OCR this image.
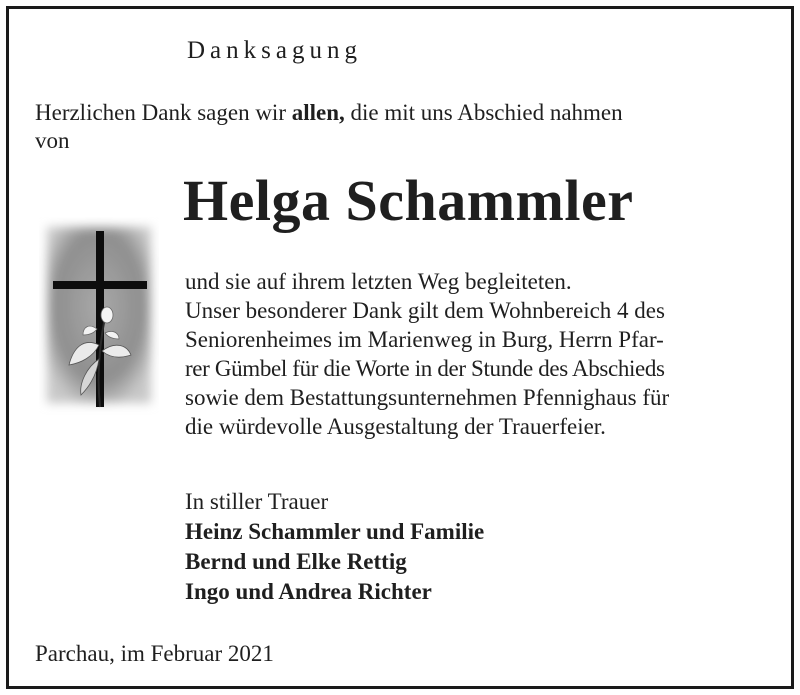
Danksagung
Herzlichen Dank sagen wir allen, die mit uns Abschied nahmen
von
Helga Schammler
und sie auf ihrem letzten Weg begleiteten.
Unser besonderer Dank gilt dem Wohnbereich 4 des
Seniorenheimes im Marienweg in Burg, Herrn Pfar-
rer Gümbel für die Worte in der Stunde des Abschieds
sowie dem Bestattungsunternehmen Pfennighaus für
die würdevolle Ausgestaltung der Trauerfeier.
In stiller Trauer
Heinz Schammler und Familie
Bernd und Elke Rettig
Ingo und Andrea Richter
Parchau, im Februar 2021
